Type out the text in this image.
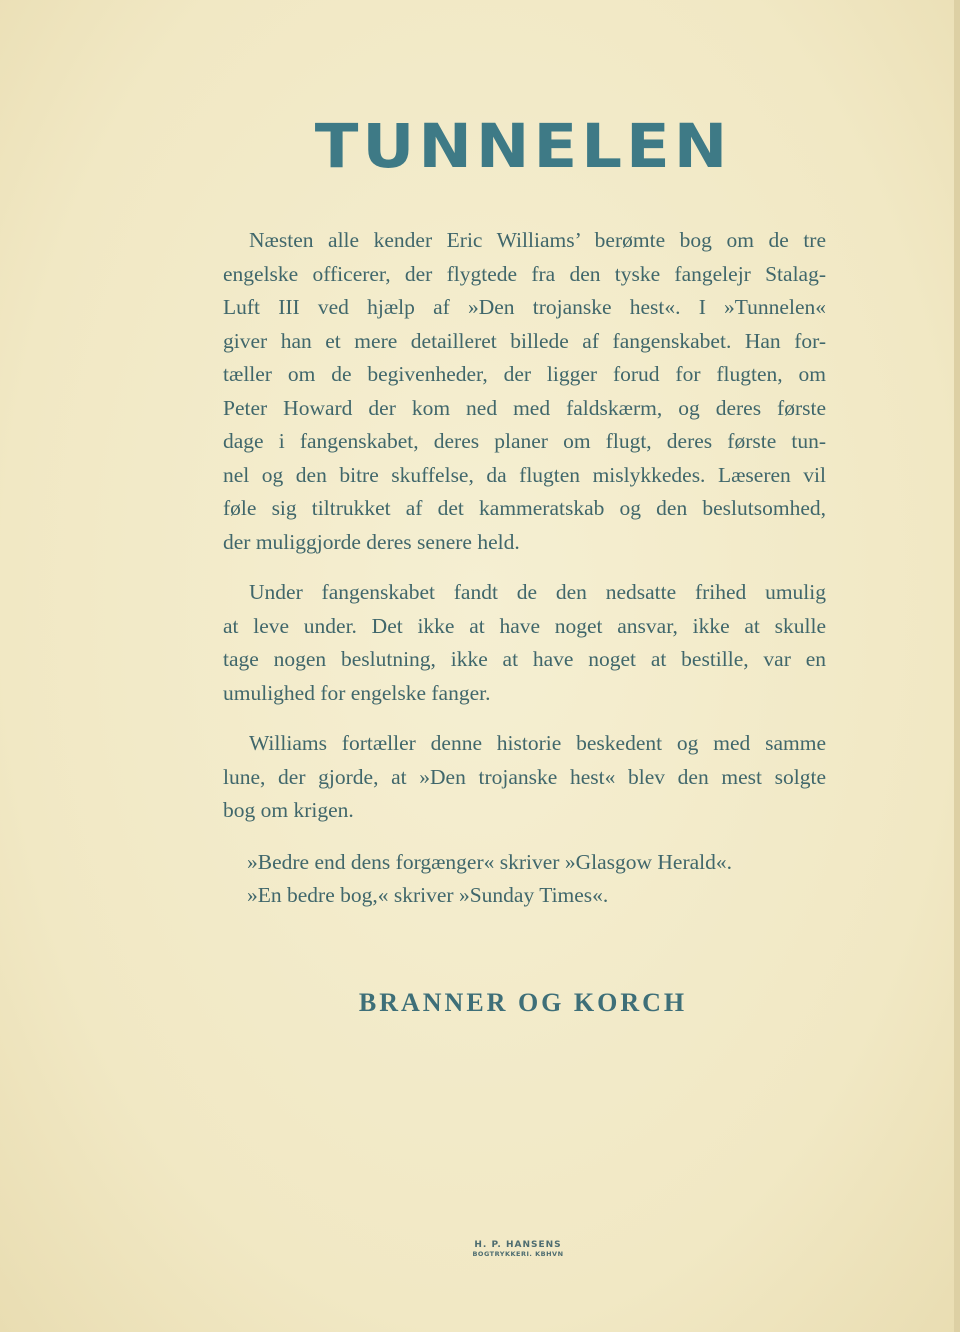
TUNNELEN
Næsten alle kender Eric Williams’ berømte bog om de tre
engelske officerer, der flygtede fra den tyske fangelejr Stalag-
Luft III ved hjælp af »Den trojanske hest«. I »Tunnelen«
giver han et mere detailleret billede af fangenskabet. Han for-
tæller om de begivenheder, der ligger forud for flugten, om
Peter Howard der kom ned med faldskærm, og deres første
dage i fangenskabet, deres planer om flugt, deres første tun-
nel og den bitre skuffelse, da flugten mislykkedes. Læseren vil
føle sig tiltrukket af det kammeratskab og den beslutsomhed,
der muliggjorde deres senere held.
Under fangenskabet fandt de den nedsatte frihed umulig
at leve under. Det ikke at have noget ansvar, ikke at skulle
tage nogen beslutning, ikke at have noget at bestille, var en
umulighed for engelske fanger.
Williams fortæller denne historie beskedent og med samme
lune, der gjorde, at »Den trojanske hest« blev den mest solgte
bog om krigen.
»Bedre end dens forgænger« skriver »Glasgow Herald«.
»En bedre bog,« skriver »Sunday Times«.
BRANNER OG KORCH
H. P. HANSENS
BOGTRYKKERI. KBHVN
